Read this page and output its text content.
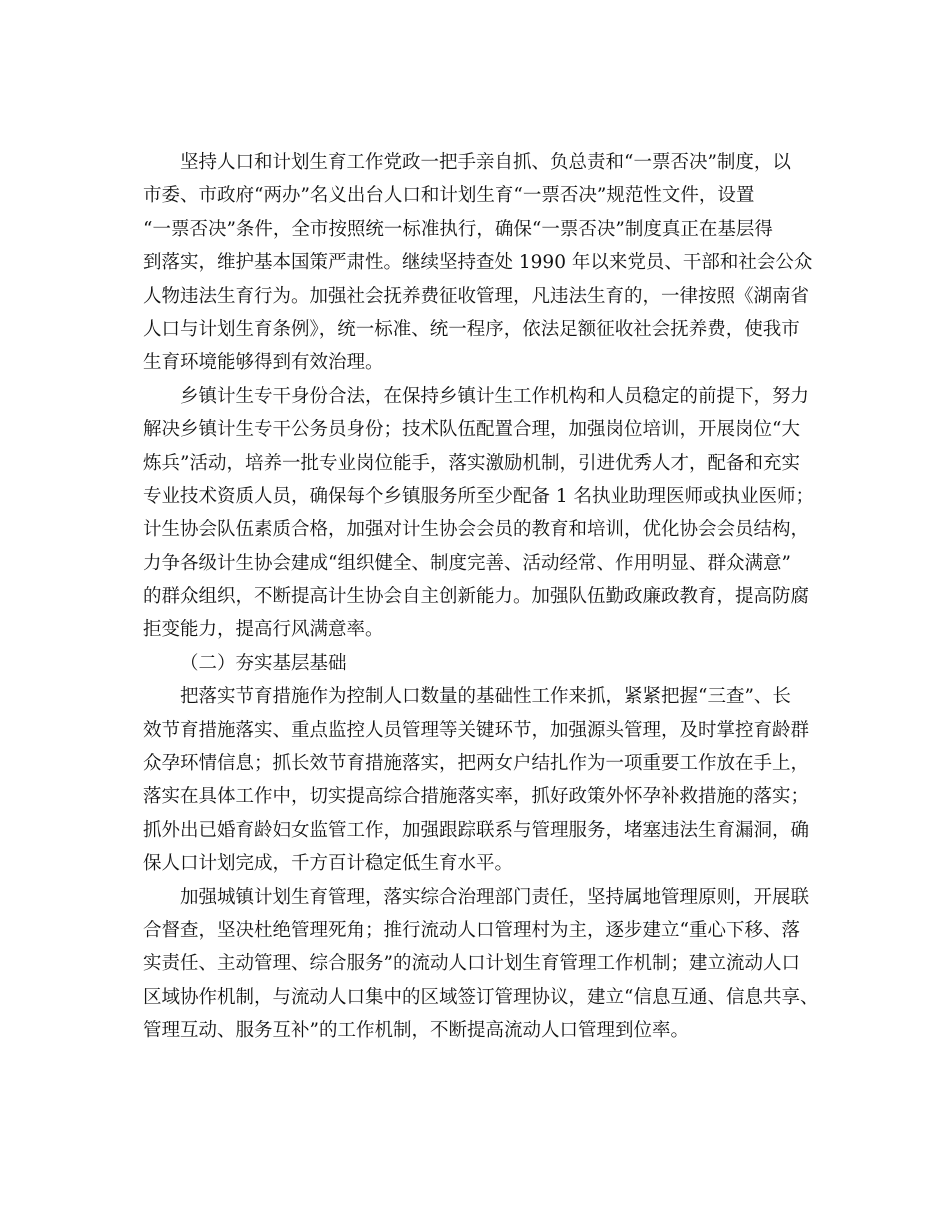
坚持人口和计划生育工作党政一把手亲自抓、负总责和“一票否决”制度，以
市委、市政府“两办”名义出台人口和计划生育“一票否决”规范性文件，设置
“一票否决”条件，全市按照统一标准执行，确保“一票否决”制度真正在基层得
到落实，维护基本国策严肃性。继续坚持查处 1990 年以来党员、干部和社会公众
人物违法生育行为。加强社会抚养费征收管理，凡违法生育的，一律按照《湖南省
人口与计划生育条例》，统一标准、统一程序，依法足额征收社会抚养费，使我市
生育环境能够得到有效治理。
乡镇计生专干身份合法，在保持乡镇计生工作机构和人员稳定的前提下，努力
解决乡镇计生专干公务员身份；技术队伍配置合理，加强岗位培训，开展岗位“大
炼兵”活动，培养一批专业岗位能手，落实激励机制，引进优秀人才，配备和充实
专业技术资质人员，确保每个乡镇服务所至少配备 1 名执业助理医师或执业医师；
计生协会队伍素质合格，加强对计生协会会员的教育和培训，优化协会会员结构，
力争各级计生协会建成“组织健全、制度完善、活动经常、作用明显、群众满意”
的群众组织，不断提高计生协会自主创新能力。加强队伍勤政廉政教育，提高防腐
拒变能力，提高行风满意率。
（二）夯实基层基础
把落实节育措施作为控制人口数量的基础性工作来抓，紧紧把握“三查”、长
效节育措施落实、重点监控人员管理等关键环节，加强源头管理，及时掌控育龄群
众孕环情信息；抓长效节育措施落实，把两女户结扎作为一项重要工作放在手上，
落实在具体工作中，切实提高综合措施落实率，抓好政策外怀孕补救措施的落实；
抓外出已婚育龄妇女监管工作，加强跟踪联系与管理服务，堵塞违法生育漏洞，确
保人口计划完成，千方百计稳定低生育水平。
加强城镇计划生育管理，落实综合治理部门责任，坚持属地管理原则，开展联
合督查，坚决杜绝管理死角；推行流动人口管理村为主，逐步建立“重心下移、落
实责任、主动管理、综合服务”的流动人口计划生育管理工作机制；建立流动人口
区域协作机制，与流动人口集中的区域签订管理协议，建立“信息互通、信息共享、
管理互动、服务互补”的工作机制，不断提高流动人口管理到位率。
